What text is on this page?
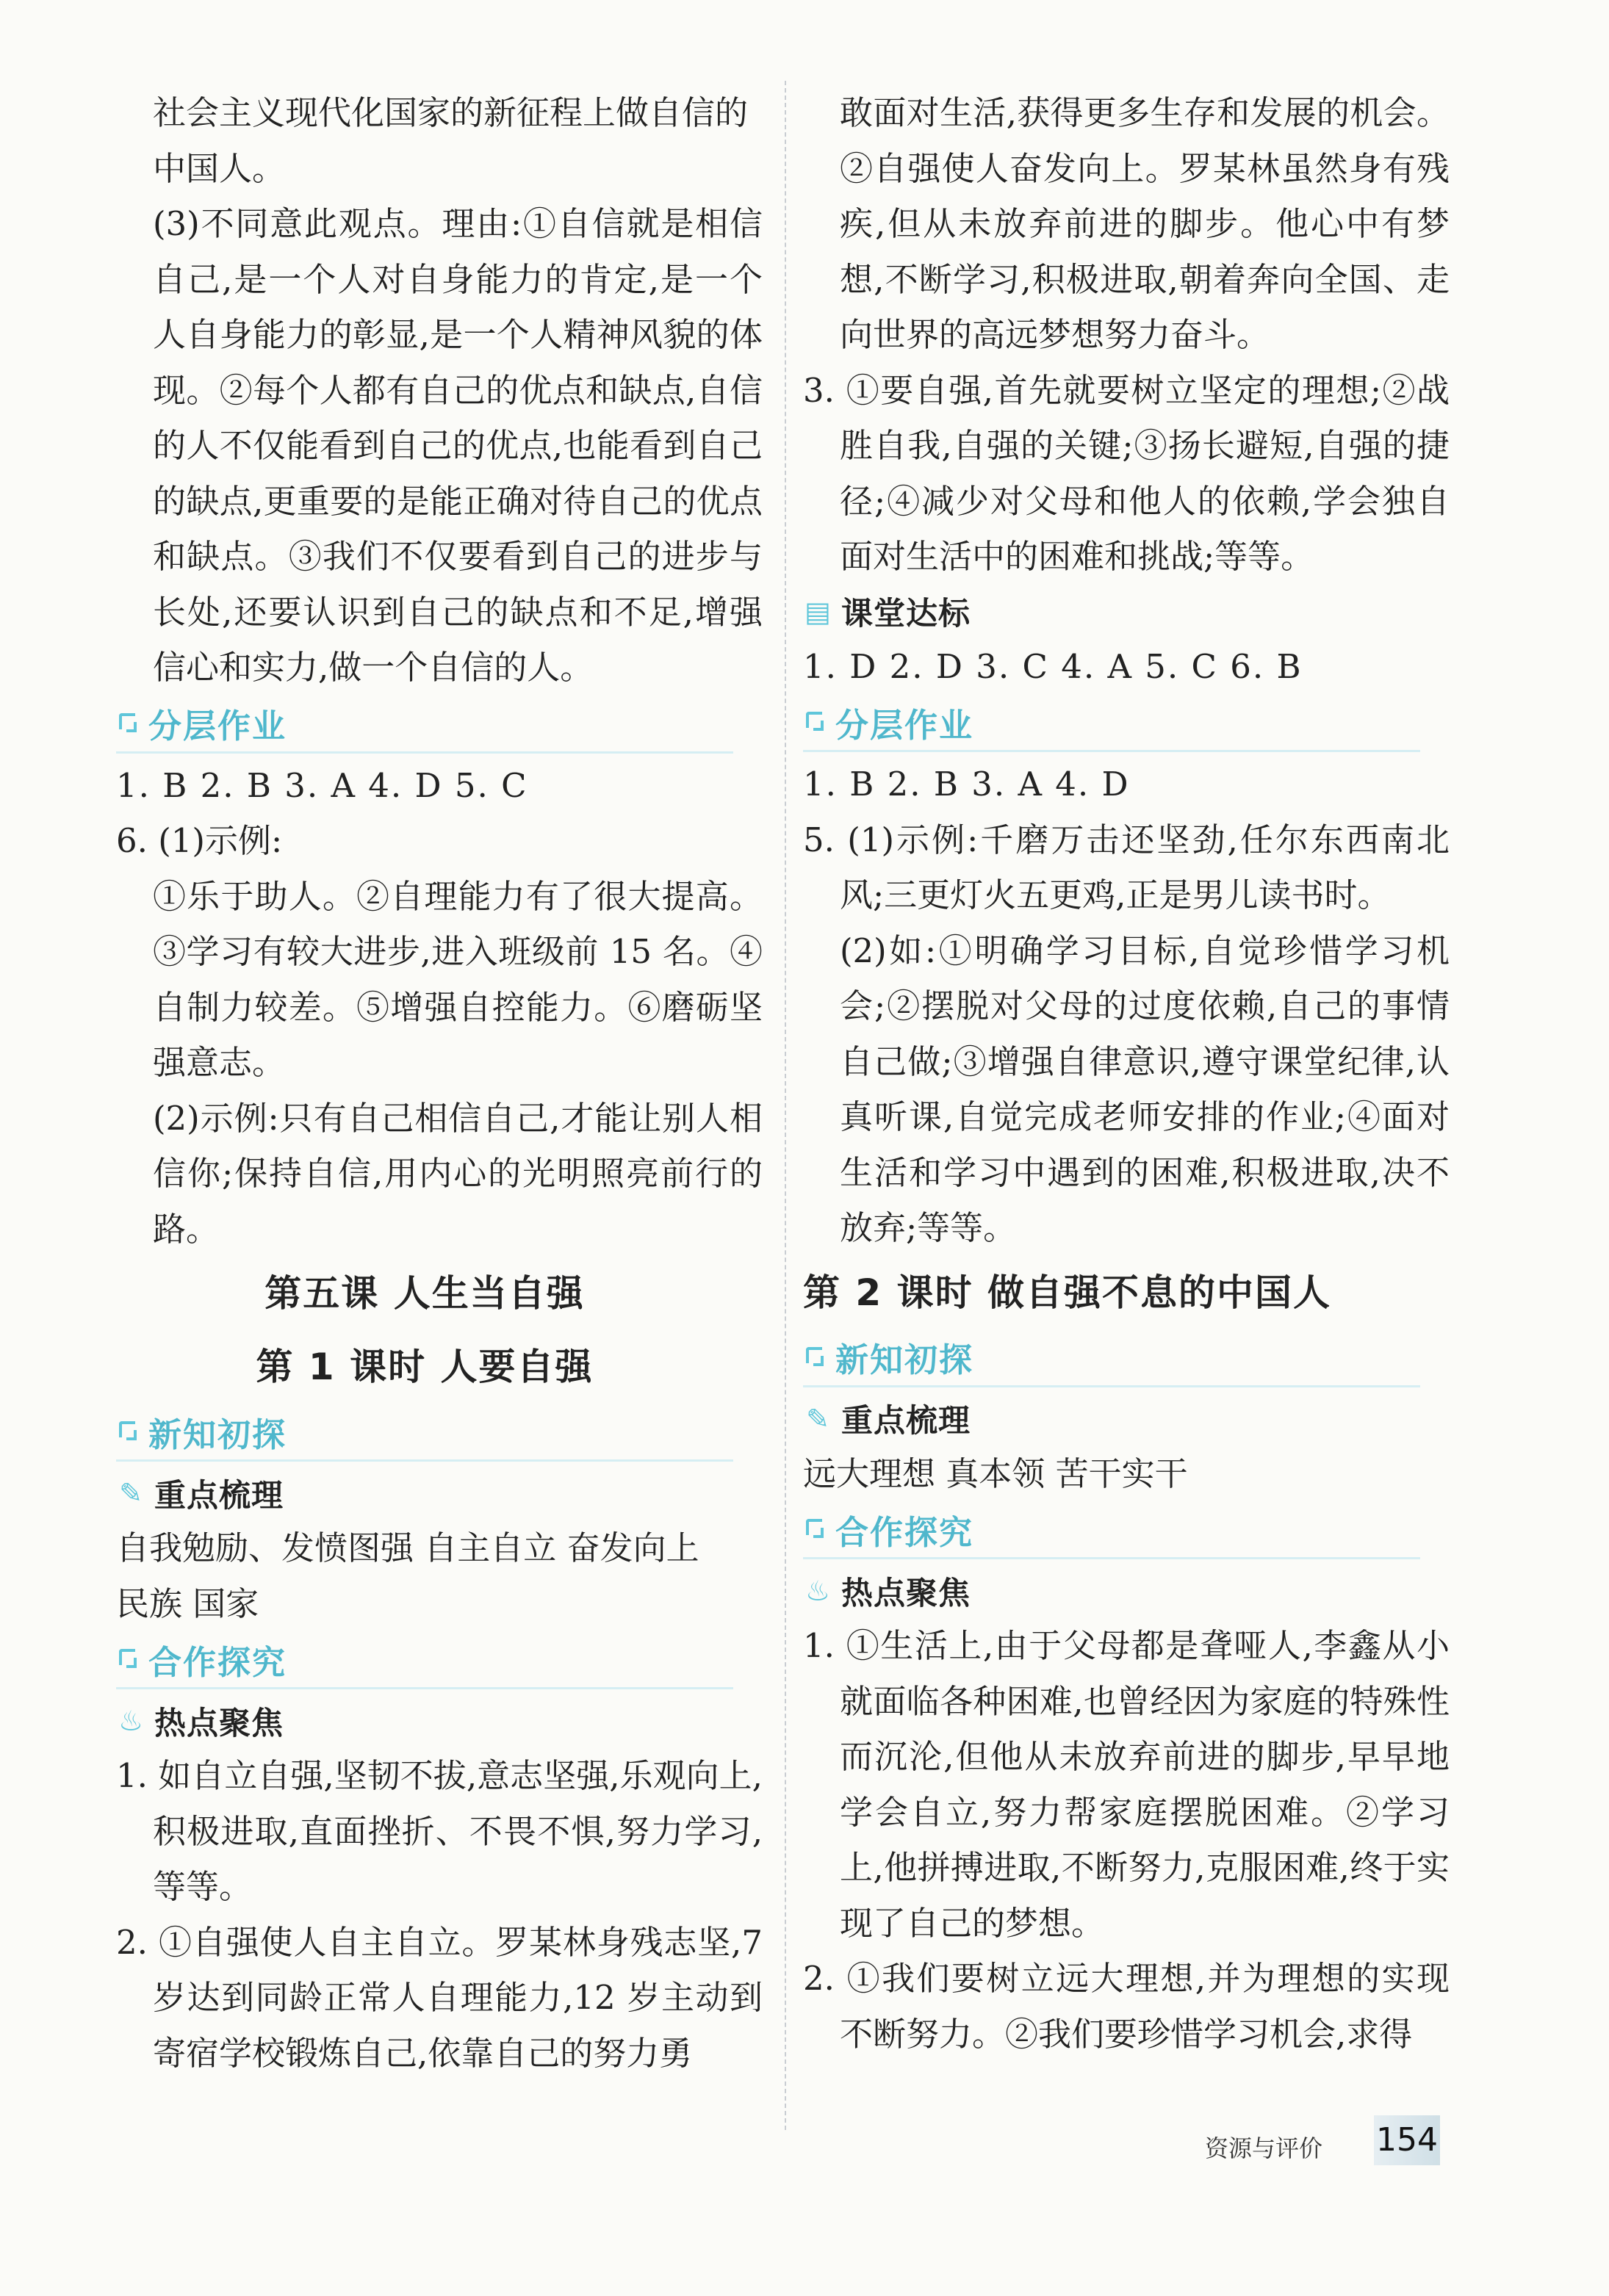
社会主义现代化国家的新征程上做自信的

中国人。

(3)不同意此观点。理由:①自信就是相信自己,是一个人对自身能力的肯定,是一个人自身能力的彰显,是一个人精神风貌的体现。②每个人都有自己的优点和缺点,自信的人不仅能看到自己的优点,也能看到自己的缺点,更重要的是能正确对待自己的优点和缺点。③我们不仅要看到自己的进步与长处,还要认识到自己的缺点和不足,增强信心和实力,做一个自信的人。

分层作业

1. B 2. B 3. A 4. D 5. C

6. (1)示例:

①乐于助人。②自理能力有了很大提高。③学习有较大进步,进入班级前 15 名。④自制力较差。⑤增强自控能力。⑥磨砺坚强意志。

(2)示例:只有自己相信自己,才能让别人相信你;保持自信,用内心的光明照亮前行的路。

第五课 人生当自强

第 1 课时 人要自强

新知初探
✎ 重点梳理

自我勉励、发愤图强 自主自立 奋发向上

民族 国家

合作探究
♨ 热点聚焦

1. 如自立自强,坚韧不拔,意志坚强,乐观向上,积极进取,直面挫折、不畏不惧,努力学习,等等。

2. ①自强使人自主自立。罗某林身残志坚,7 岁达到同龄正常人自理能力,12 岁主动到寄宿学校锻炼自己,依靠自己的努力勇

敢面对生活,获得更多生存和发展的机会。②自强使人奋发向上。罗某林虽然身有残疾,但从未放弃前进的脚步。他心中有梦想,不断学习,积极进取,朝着奔向全国、走向世界的高远梦想努力奋斗。

3. ①要自强,首先就要树立坚定的理想;②战胜自我,自强的关键;③扬长避短,自强的捷径;④减少对父母和他人的依赖,学会独自面对生活中的困难和挑战;等等。

▤ 课堂达标

1. D 2. D 3. C 4. A 5. C 6. B

分层作业

1. B 2. B 3. A 4. D

5. (1)示例:千磨万击还坚劲,任尔东西南北风;三更灯火五更鸡,正是男儿读书时。

(2)如:①明确学习目标,自觉珍惜学习机会;②摆脱对父母的过度依赖,自己的事情自己做;③增强自律意识,遵守课堂纪律,认真听课,自觉完成老师安排的作业;④面对生活和学习中遇到的困难,积极进取,决不放弃;等等。

第 2 课时 做自强不息的中国人

新知初探
✎ 重点梳理

远大理想 真本领 苦干实干

合作探究
♨ 热点聚焦

1. ①生活上,由于父母都是聋哑人,李鑫从小就面临各种困难,也曾经因为家庭的特殊性而沉沦,但他从未放弃前进的脚步,早早地学会自立,努力帮家庭摆脱困难。②学习上,他拼搏进取,不断努力,克服困难,终于实现了自己的梦想。

2. ①我们要树立远大理想,并为理想的实现不断努力。②我们要珍惜学习机会,求得

资源与评价 154
